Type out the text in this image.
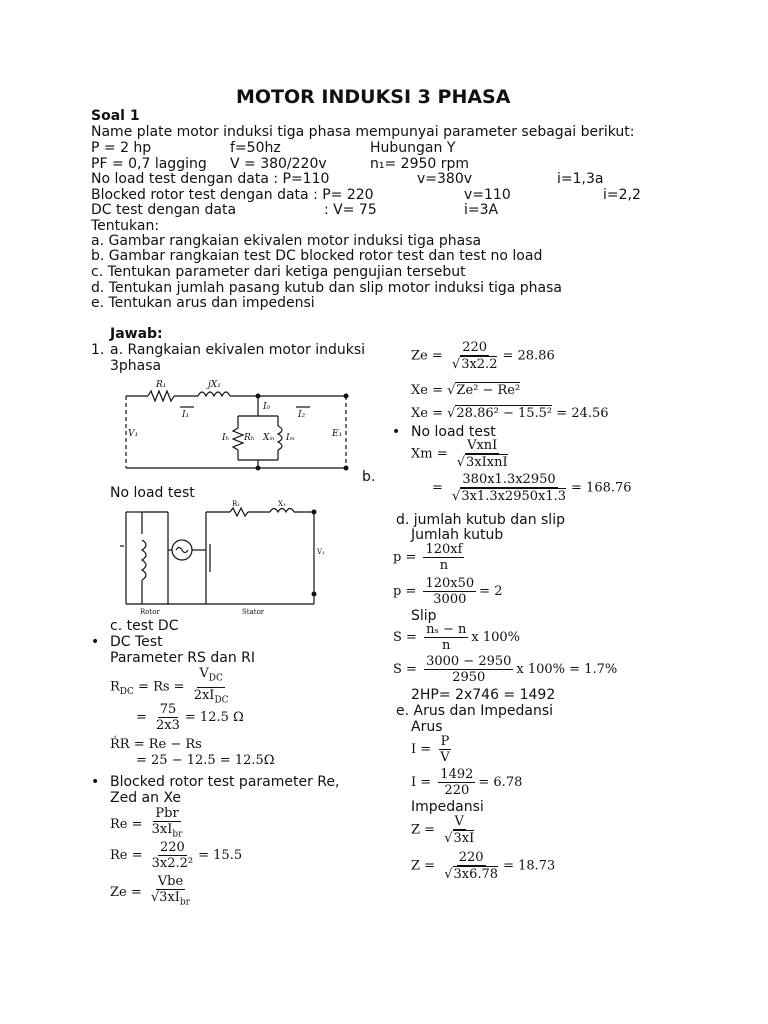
MOTOR INDUKSI 3 PHASA
Soal 1
Name plate motor induksi tiga phasa mempunyai parameter sebagai berikut:
P = 2 hp	f=50hz	Hubungan Y
PF = 0,7 lagging V = 380/220v	n₁= 2950 rpm
No load test dengan data : P=110	v=380v	i=1,3a
Blocked rotor test dengan data : P= 220	v=110	i=2,2
DC test dengan data	: V= 75	i=3A
Tentukan:
a. Gambar rangkaian ekivalen motor induksi tiga phasa
b. Gambar rangkaian test DC blocked rotor test dan test no load
c. Tentukan parameter dari ketiga pengujian tersebut
d. Tentukan jumlah pasang kutub dan slip motor induksi tiga phasa
e. Tentukan arus dan impedensi
Jawab:
1. a. Rangkaian ekivalen motor induksi
3phasa
R₁	jX₁
I₁
I₀
I₂
V₁	Iₕ Rₕ Xₘ Iₘ	E₁
b.
No load test
R₁	X₁
V₁
Rotor	Stator
c. test DC
• DC Test
Parameter RS dan RI
$R_{DC} = Rs = \frac{V_{DC}}{2xI_{DC}}$
= $\frac{75}{2x3} = 12.5$ Ω
ŔR = Re − Rs
= 25 − 12.5 = 12.5Ω
• Blocked rotor test parameter Re,
Zed an Xe
$Re = \frac{\text{Pbr}}{3xI_{br}}$
$Re = \frac{220}{\text{3x2.2²}} = 15.5$
$Ze = \frac{\text{Vbe}}{√3xI_{br}}$
$Ze = \frac{220}{√3x2.2} = 28.86$
Xe = √Ze² − Re²
Xe = √28.86² − 15.5² = 24.56
• No load test
$Xm = \frac{\text{VxnI}}{\text{√3xIxnI}}$
= $\frac{380x1.3x2950}{√3x1.3x2950x1.3} = 168.76$
d. jumlah kutub dan slip
Jumlah kutub
$p = \frac{120xf}{n}$
$p = \frac{120x50}{3000} = 2$
Slip
$S = \frac{\text{nₛ − n}}{n}$ x 100%
$S = \frac{3000 - 2950}{2950}$ x 100% = 1.7%
2HP= 2x746 = 1492
e. Arus dan Impedansi
Arus
$I = \frac{P}{V}$
$I = \frac{1492}{220} = 6.78$
Impedansi
$Z = \frac{V}{√3xI}$
$Z = \frac{220}{√3x6.78} = 18.73$
